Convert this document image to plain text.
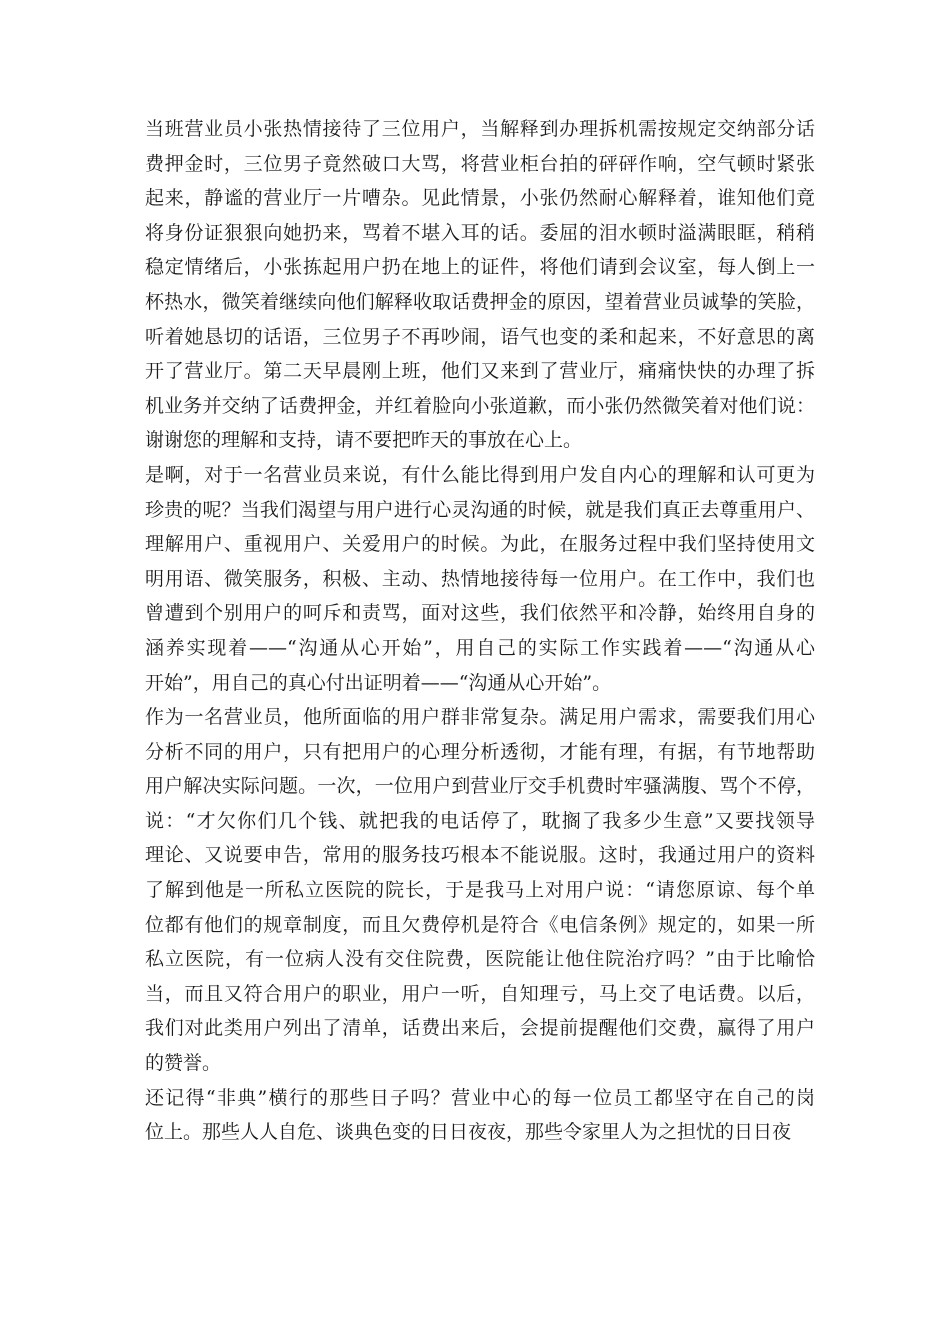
当班营业员小张热情接待了三位用户，当解释到办理拆机需按规定交纳部分话
费押金时，三位男子竟然破口大骂，将营业柜台拍的砰砰作响，空气顿时紧张
起来，静谧的营业厅一片嘈杂。见此情景，小张仍然耐心解释着，谁知他们竟
将身份证狠狠向她扔来，骂着不堪入耳的话。委屈的泪水顿时溢满眼眶，稍稍
稳定情绪后，小张拣起用户扔在地上的证件，将他们请到会议室，每人倒上一
杯热水，微笑着继续向他们解释收取话费押金的原因，望着营业员诚挚的笑脸，
听着她恳切的话语，三位男子不再吵闹，语气也变的柔和起来，不好意思的离
开了营业厅。第二天早晨刚上班，他们又来到了营业厅，痛痛快快的办理了拆
机业务并交纳了话费押金，并红着脸向小张道歉，而小张仍然微笑着对他们说：
谢谢您的理解和支持，请不要把昨天的事放在心上。
是啊，对于一名营业员来说，有什么能比得到用户发自内心的理解和认可更为
珍贵的呢？当我们渴望与用户进行心灵沟通的时候，就是我们真正去尊重用户、
理解用户、重视用户、关爱用户的时候。为此，在服务过程中我们坚持使用文
明用语、微笑服务，积极、主动、热情地接待每一位用户。在工作中，我们也
曾遭到个别用户的呵斥和责骂，面对这些，我们依然平和冷静，始终用自身的
涵养实现着——“沟通从心开始”，用自己的实际工作实践着——“沟通从心
开始”，用自己的真心付出证明着——“沟通从心开始”。
作为一名营业员，他所面临的用户群非常复杂。满足用户需求，需要我们用心
分析不同的用户，只有把用户的心理分析透彻，才能有理，有据，有节地帮助
用户解决实际问题。一次，一位用户到营业厅交手机费时牢骚满腹、骂个不停，
说：“才欠你们几个钱、就把我的电话停了，耽搁了我多少生意”又要找领导
理论、又说要申告，常用的服务技巧根本不能说服。这时，我通过用户的资料
了解到他是一所私立医院的院长，于是我马上对用户说：“请您原谅、每个单
位都有他们的规章制度，而且欠费停机是符合《电信条例》规定的，如果一所
私立医院，有一位病人没有交住院费，医院能让他住院治疗吗？”由于比喻恰
当，而且又符合用户的职业，用户一听，自知理亏，马上交了电话费。以后，
我们对此类用户列出了清单，话费出来后，会提前提醒他们交费，赢得了用户
的赞誉。
还记得“非典”横行的那些日子吗？营业中心的每一位员工都坚守在自己的岗
位上。那些人人自危、谈典色变的日日夜夜，那些令家里人为之担忧的日日夜
